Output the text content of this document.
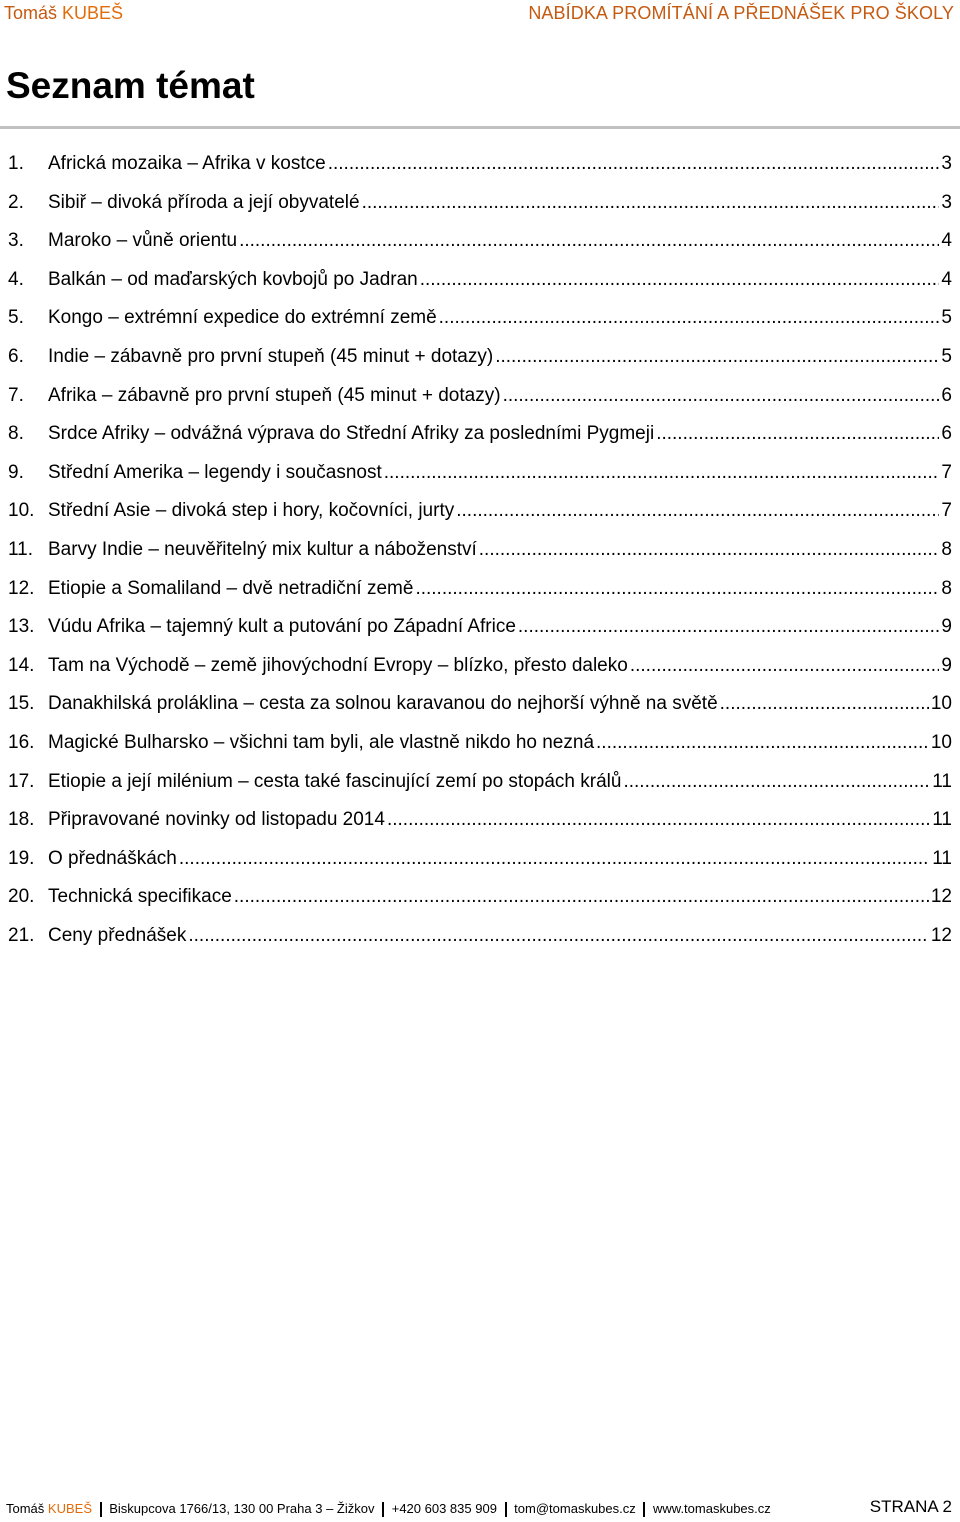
Tomáš KUBEŠ	NABÍDKA PROMÍTÁNÍ A PŘEDNÁŠEK PRO ŠKOLY
Seznam témat
1.	Africká mozaika – Afrika v kostce .....	3
2.	Sibiř – divoká příroda a její obyvatelé .....	3
3.	Maroko – vůně orientu .....	4
4.	Balkán – od maďarských kovbojů po Jadran .....	4
5.	Kongo – extrémní expedice do extrémní země .....	5
6.	Indie – zábavně pro první stupeň (45 minut + dotazy) .....	5
7.	Afrika – zábavně pro první stupeň (45 minut + dotazy) .....	6
8.	Srdce Afriky – odvážná výprava do Střední Afriky za posledními Pygmeji .....	6
9.	Střední Amerika – legendy i současnost .....	7
10. Střední Asie – divoká step i hory, kočovníci, jurty .....	7
11. Barvy Indie – neuvěřitelný mix kultur a náboženství .....	8
12. Etiopie a Somaliland – dvě netradiční země .....	8
13. Vúdu Afrika – tajemný kult a putování po Západní Africe .....	9
14. Tam na Východě – země jihovýchodní Evropy – blízko, přesto daleko .....	9
15. Danakhilská proláklina – cesta za solnou karavanou do nejhorší výhně na světě .....	10
16. Magické Bulharsko – všichni tam byli, ale vlastně nikdo ho nezná .....	10
17. Etiopie a její milénium – cesta také fascinující zemí po stopách králů .....	11
18. Připravované novinky od listopadu 2014 .....	11
19. O přednáškách .....	11
20. Technická specifikace .....	12
21. Ceny přednášek .....	12
Tomáš KUBEŠ Biskupcova 1766/13, 130 00 Praha 3 – Žižkov +420 603 835 909 tom@tomaskubes.cz www.tomaskubes.cz	STRANA 2
